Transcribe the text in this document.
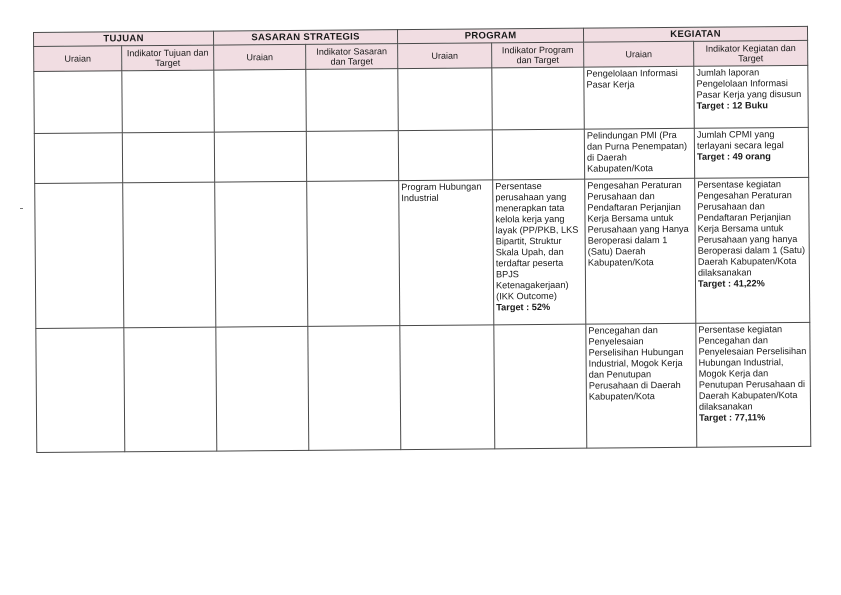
TUJUAN		SASARAN STRATEGIS		PROGRAM		KEGIATAN	
Uraian	Indikator Tujuan dan Target	Uraian	Indikator Sasaran dan Target	Uraian	Indikator Program dan Target	Uraian	Indikator Kegiatan dan Target

						Pengelolaan Informasi Pasar Kerja	Jumlah laporan Pengelolaan Informasi Pasar Kerja yang disusun
Target : 12 Buku

						Pelindungan PMI (Pra dan Purna Penempatan) di Daerah Kabupaten/Kota	Jumlah CPMI yang terlayani secara legal
Target : 49 orang

				Program Hubungan Industrial	Persentase perusahaan yang menerapkan tata kelola kerja yang layak (PP/PKB, LKS Bipartit, Struktur Skala Upah, dan terdaftar peserta BPJS Ketenagakerjaan) (IKK Outcome)
Target : 52%	Pengesahan Peraturan Perusahaan dan Pendaftaran Perjanjian Kerja Bersama untuk Perusahaan yang Hanya Beroperasi dalam 1 (Satu) Daerah Kabupaten/Kota	Persentase kegiatan Pengesahan Peraturan Perusahaan dan Pendaftaran Perjanjian Kerja Bersama untuk Perusahaan yang hanya Beroperasi dalam 1 (Satu) Daerah Kabupaten/Kota dilaksanakan
Target : 41,22%

						Pencegahan dan Penyelesaian Perselisihan Hubungan Industrial, Mogok Kerja dan Penutupan Perusahaan di Daerah Kabupaten/Kota	Persentase kegiatan Pencegahan dan Penyelesaian Perselisihan Hubungan Industrial, Mogok Kerja dan Penutupan Perusahaan di Daerah Kabupaten/Kota dilaksanakan
Target : 77,11%
